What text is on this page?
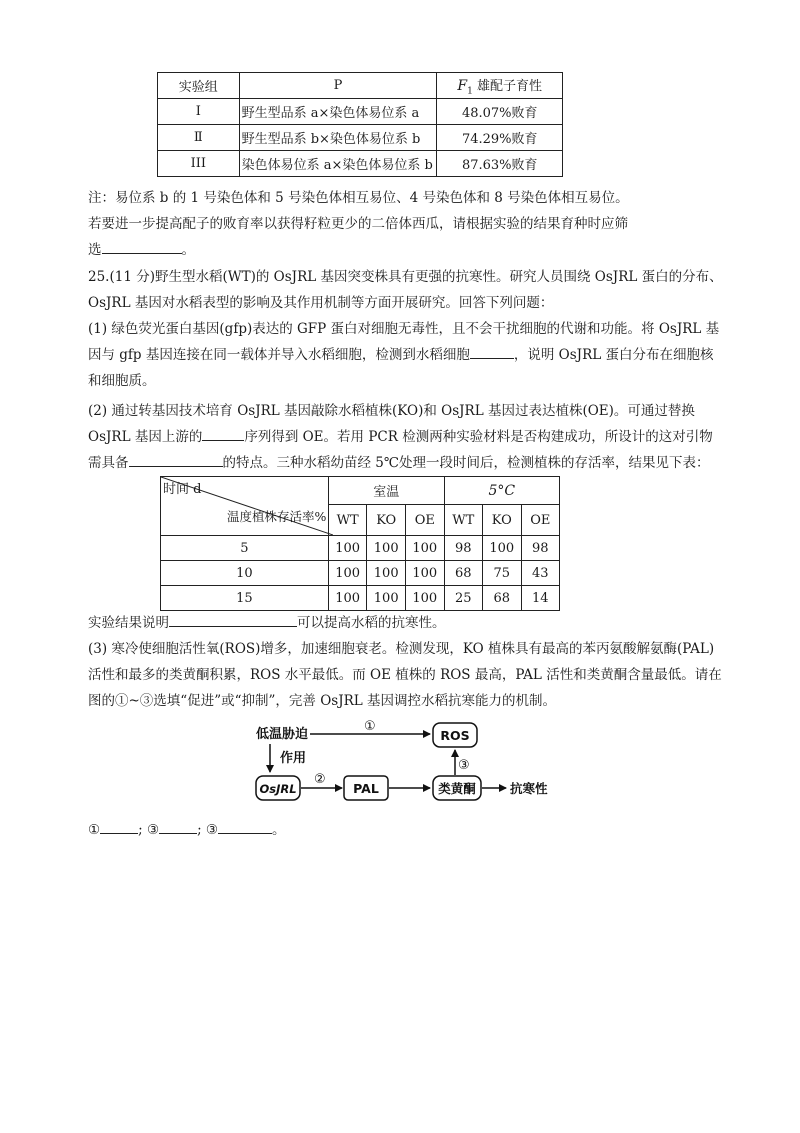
实验组	P	$F_1$ 雄配子育性
I	野生型品系 a×染色体易位系 a	48.07%败育
Ⅱ	野生型品系 b×染色体易位系 b	74.29%败育
III	染色体易位系 a×染色体易位系 b	87.63%败育
注：易位系 b 的 1 号染色体和 5 号染色体相互易位、4 号染色体和 8 号染色体相互易位。
若要进一步提高配子的败育率以获得籽粒更少的二倍体西瓜，请根据实验的结果育种时应筛
选	。
25.(11 分)野生型水稻(WT)的 OsJRL 基因突变株具有更强的抗寒性。研究人员围绕 OsJRL 蛋白的分布、
OsJRL 基因对水稻表型的影响及其作用机制等方面开展研究。回答下列问题：
(1) 绿色荧光蛋白基因(gfp)表达的 GFP 蛋白对细胞无毒性，且不会干扰细胞的代谢和功能。将 OsJRL 基
因与 gfp 基因连接在同一载体并导入水稻细胞，检测到水稻细胞	，说明 OsJRL 蛋白分布在细胞核
和细胞质。
(2) 通过转基因技术培育 OsJRL 基因敲除水稻植株(KO)和 OsJRL 基因过表达植株(OE)。可通过替换
OsJRL 基因上游的	序列得到 OE。若用 PCR 检测两种实验材料是否构建成功，所设计的这对引物
需具备	的特点。三种水稻幼苗经 5℃处理一段时间后，检测植株的存活率，结果见下表：
时间 d
温度植株存活率%	室温			5°C		
	WT	KO	OE	WT	KO	OE
5	100	100	100	98	100	98
10	100	100	100	68	75	43
15	100	100	100	25	68	14
实验结果说明	可以提高水稻的抗寒性。
(3) 寒冷使细胞活性氧(ROS)增多，加速细胞衰老。检测发现，KO 植株具有最高的苯丙氨酸解氨酶(PAL)
活性和最多的类黄酮积累，ROS 水平最低。而 OE 植株的 ROS 最高，PAL 活性和类黄酮含量最低。请在
图的①~③选填“促进”或“抑制”，完善 OsJRL 基因调控水稻抗寒能力的机制。
低温胁迫
①
ROS
作用
OsJRL
②
PAL	类黄酮
③
抗寒性
①	; ③	; ③	。
